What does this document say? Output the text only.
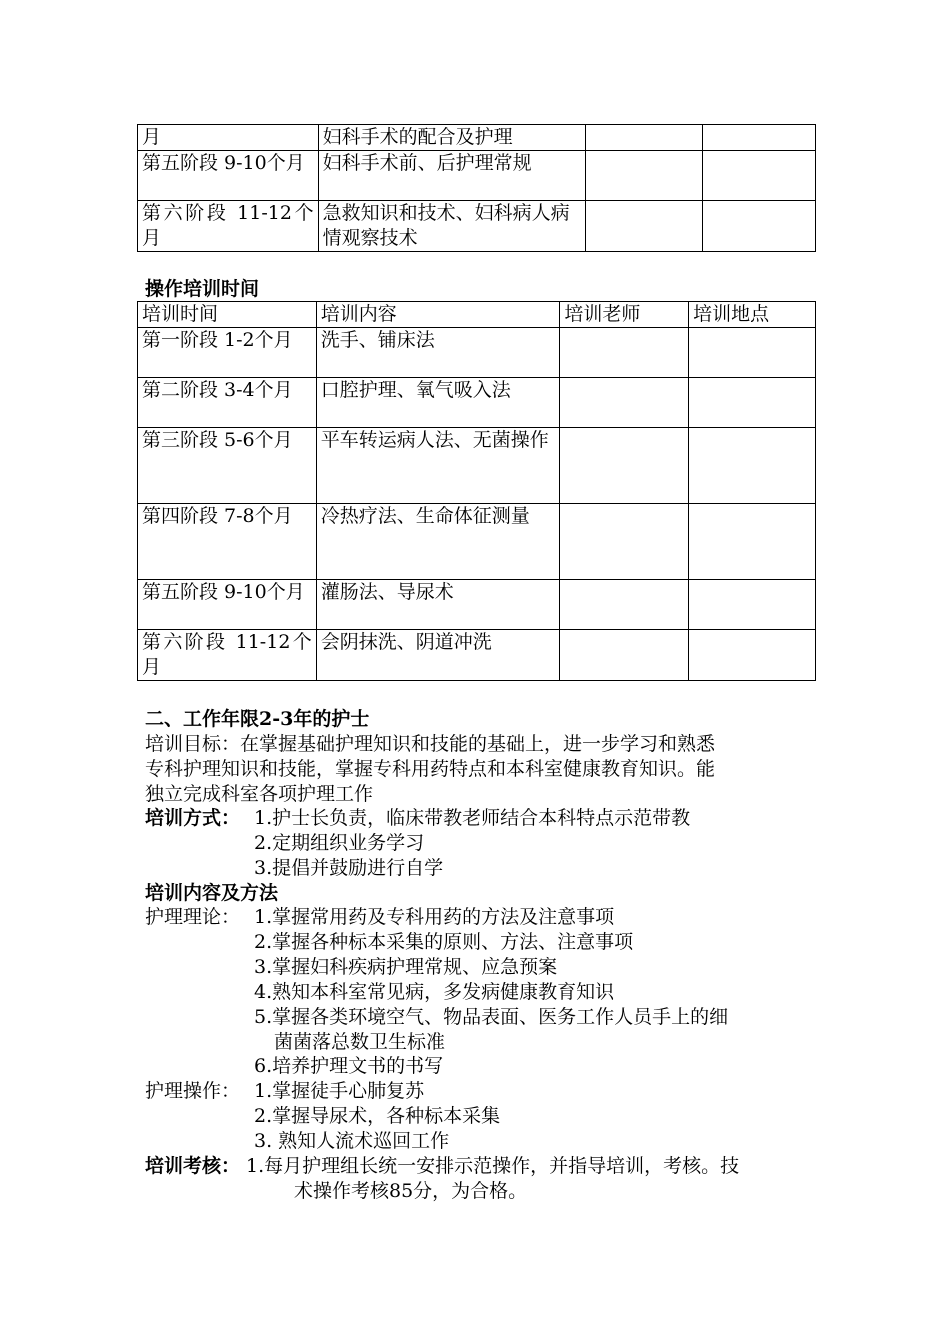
月	妇科手术的配合及护理		
第五阶段 9-10个月	妇科手术前、后护理常规		
第六阶段 11-12个月	急救知识和技术、妇科病人病情观察技术		
操作培训时间
培训时间	培训内容	培训老师	培训地点
第一阶段 1-2个月	洗手、铺床法		
第二阶段 3-4个月	口腔护理、氧气吸入法		
第三阶段 5-6个月	平车转运病人法、无菌操作		
第四阶段 7-8个月	冷热疗法、生命体征测量		
第五阶段 9-10个月	灌肠法、导尿术		
第六阶段 11-12个月	会阴抹洗、阴道冲洗		
二、工作年限2-3年的护士
培训目标：在掌握基础护理知识和技能的基础上，进一步学习和熟悉
专科护理知识和技能，掌握专科用药特点和本科室健康教育知识。能
独立完成科室各项护理工作
培训方式： 1.护士长负责，临床带教老师结合本科特点示范带教
2.定期组织业务学习
3.提倡并鼓励进行自学
培训内容及方法
护理理论： 1.掌握常用药及专科用药的方法及注意事项
2.掌握各种标本采集的原则、方法、注意事项
3.掌握妇科疾病护理常规、应急预案
4.熟知本科室常见病，多发病健康教育知识
5.掌握各类环境空气、物品表面、医务工作人员手上的细
菌菌落总数卫生标准
6.培养护理文书的书写
护理操作： 1.掌握徒手心肺复苏
2.掌握导尿术，各种标本采集
3. 熟知人流术巡回工作
培训考核： 1.每月护理组长统一安排示范操作，并指导培训，考核。技
术操作考核85分，为合格。
